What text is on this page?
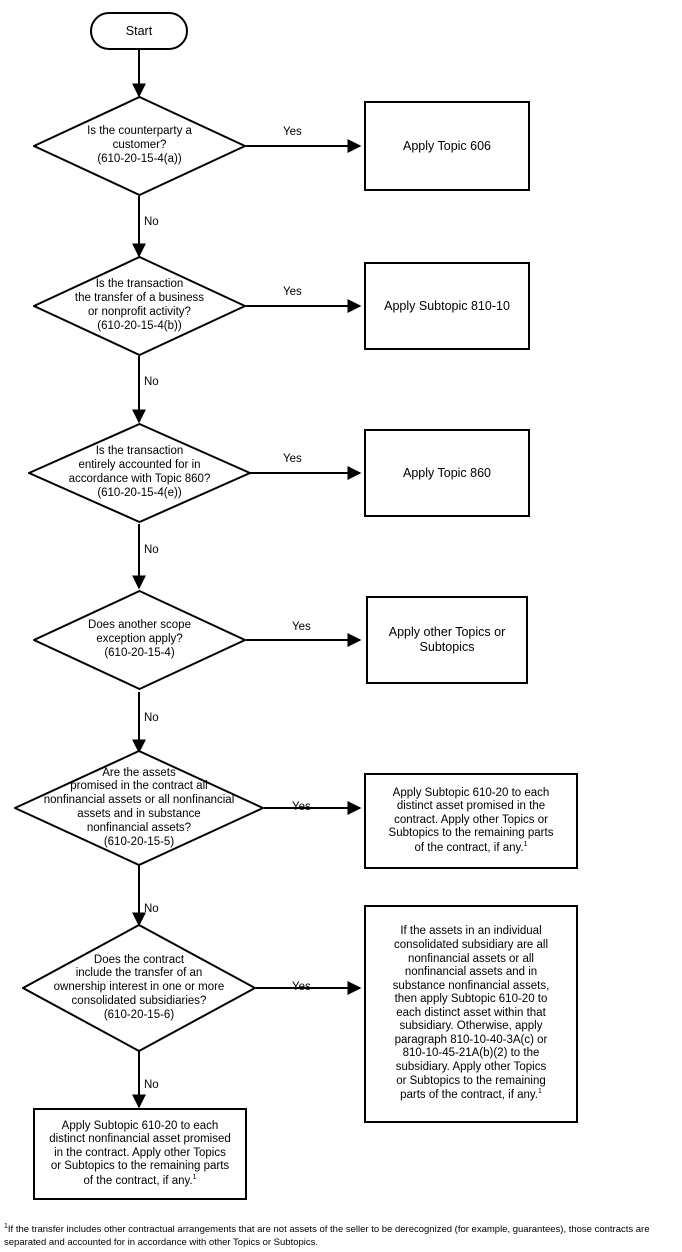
Start
Is the counterparty a
customer?
(610-20-15-4(a))
Yes
No
Apply Topic 606
Is the transaction
the transfer of a business
or nonprofit activity?
(610-20-15-4(b))
Yes
No
Apply Subtopic 810-10
Is the transaction
entirely accounted for in
accordance with Topic 860?
(610-20-15-4(e))
Yes
No
Apply Topic 860
Does another scope
exception apply?
(610-20-15-4)
Yes
No
Apply other Topics or
Subtopics
Are the assets
promised in the contract all
nonfinancial assets or all nonfinancial
assets and in substance
nonfinancial assets?
(610-20-15-5)
Yes
No
Apply Subtopic 610-20 to each
distinct asset promised in the
contract. Apply other Topics or
Subtopics to the remaining parts
of the contract, if any.$^1$
Does the contract
include the transfer of an
ownership interest in one or more
consolidated subsidiaries?
(610-20-15-6)
Yes
No
If the assets in an individual
consolidated subsidiary are all
nonfinancial assets or all
nonfinancial assets and in
substance nonfinancial assets,
then apply Subtopic 610-20 to
each distinct asset within that
subsidiary. Otherwise, apply
paragraph 810-10-40-3A(c) or
810-10-45-21A(b)(2) to the
subsidiary. Apply other Topics
or Subtopics to the remaining
parts of the contract, if any.$^1$
Apply Subtopic 610-20 to each
distinct nonfinancial asset promised
in the contract. Apply other Topics
or Subtopics to the remaining parts
of the contract, if any.$^1$
$^1$If the transfer includes other contractual arrangements that are not assets of the seller to be derecognized (for example, guarantees), those contracts are
separated and accounted for in accordance with other Topics or Subtopics.
